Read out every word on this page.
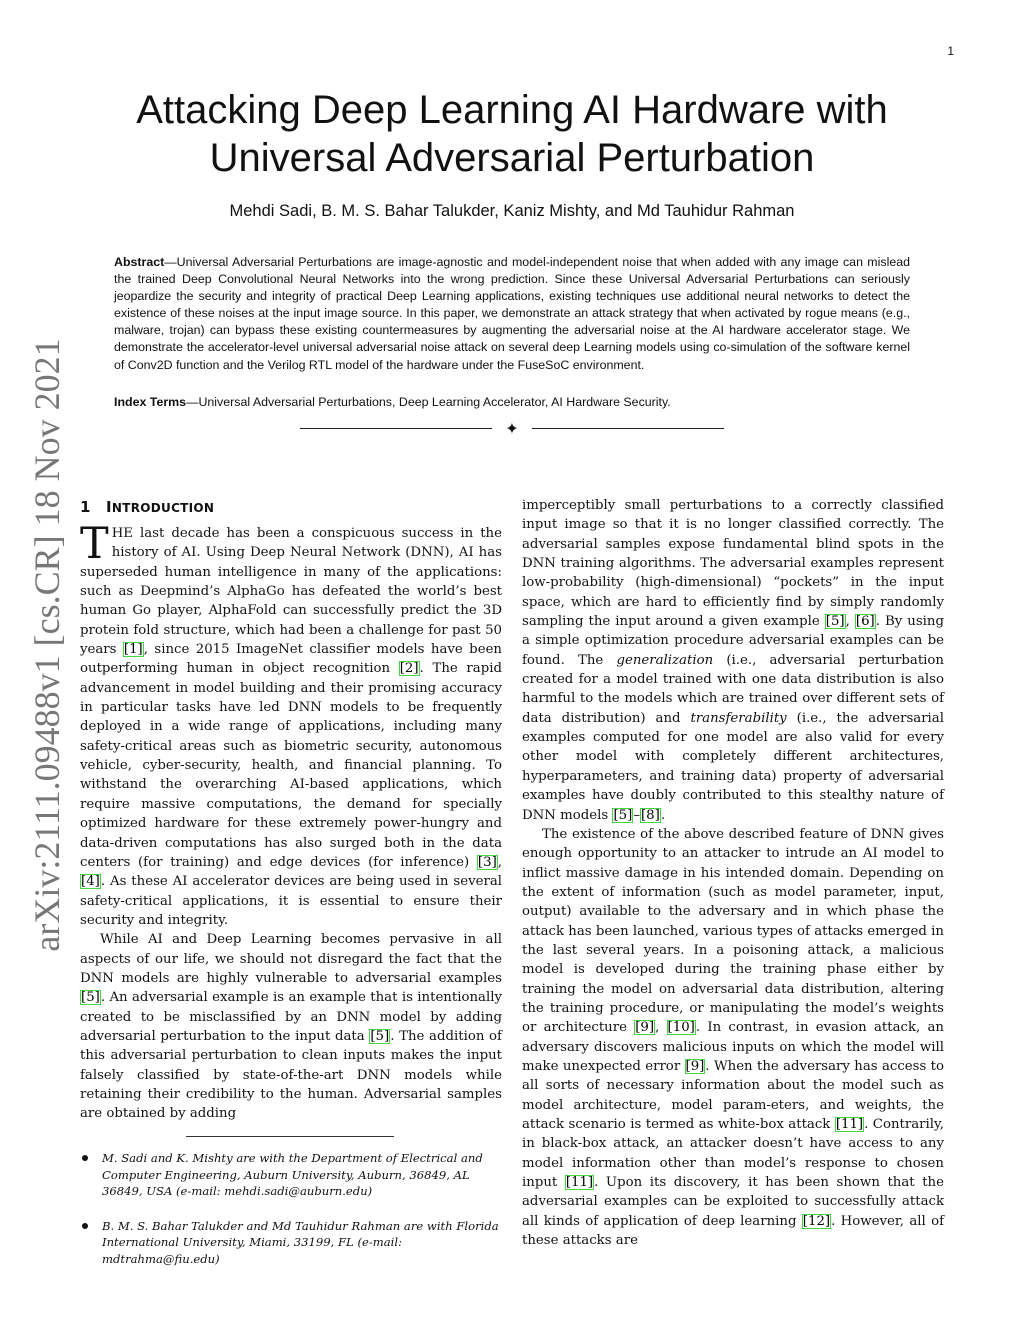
1
arXiv:2111.09488v1 [cs.CR] 18 Nov 2021
Attacking Deep Learning AI Hardware with
Universal Adversarial Perturbation
Mehdi Sadi, B. M. S. Bahar Talukder, Kaniz Mishty, and Md Tauhidur Rahman

Abstract—Universal Adversarial Perturbations are image-agnostic and model-independent noise that when added with any image can mislead the trained Deep Convolutional Neural Networks into the wrong prediction. Since these Universal Adversarial Perturbations can seriously jeopardize the security and integrity of practical Deep Learning applications, existing techniques use additional neural networks to detect the existence of these noises at the input image source. In this paper, we demonstrate an attack strategy that when activated by rogue means (e.g., malware, trojan) can bypass these existing countermeasures by augmenting the adversarial noise at the AI hardware accelerator stage. We demonstrate the accelerator-level universal adversarial noise attack on several deep Learning models using co-simulation of the software kernel of Conv2D function and the Verilog RTL model of the hardware under the FuseSoC environment.

Index Terms—Universal Adversarial Perturbations, Deep Learning Accelerator, AI Hardware Security.

✦
1 INTRODUCTION

THE last decade has been a conspicuous success in the history of AI. Using Deep Neural Network (DNN), AI has superseded human intelligence in many of the applications: such as Deepmind’s AlphaGo has defeated the world’s best human Go player, AlphaFold can successfully predict the 3D protein fold structure, which had been a challenge for past 50 years [1], since 2015 ImageNet classifier models have been outperforming human in object recognition [2]. The rapid advancement in model building and their promising accuracy in particular tasks have led DNN models to be frequently deployed in a wide range of applications, including many safety-critical areas such as biometric security, autonomous vehicle, cyber-security, health, and financial planning. To withstand the overarching AI-based applications, which require massive computations, the demand for specially optimized hardware for these extremely power-hungry and data-driven computations has also surged both in the data centers (for training) and edge devices (for inference) [3], [4]. As these AI accelerator devices are being used in several safety-critical applications, it is essential to ensure their security and integrity.

While AI and Deep Learning becomes pervasive in all aspects of our life, we should not disregard the fact that the DNN models are highly vulnerable to adversarial examples [5]. An adversarial example is an example that is intentionally created to be misclassified by an DNN model by adding adversarial perturbation to the input data [5]. The addition of this adversarial perturbation to clean inputs makes the input falsely classified by state-of-the-art DNN models while retaining their credibility to the human. Adversarial samples are obtained by adding

imperceptibly small perturbations to a correctly classified input image so that it is no longer classified correctly. The adversarial samples expose fundamental blind spots in the DNN training algorithms. The adversarial examples represent low-probability (high-dimensional) “pockets” in the input space, which are hard to efficiently find by simply randomly sampling the input around a given example [5], [6]. By using a simple optimization procedure adversarial examples can be found. The generalization (i.e., adversarial perturbation created for a model trained with one data distribution is also harmful to the models which are trained over different sets of data distribution) and transferability (i.e., the adversarial examples computed for one model are also valid for every other model with completely different architectures, hyperparameters, and training data) property of adversarial examples have doubly contributed to this stealthy nature of DNN models [5]–[8].

The existence of the above described feature of DNN gives enough opportunity to an attacker to intrude an AI model to inflict massive damage in his intended domain. Depending on the extent of information (such as model parameter, input, output) available to the adversary and in which phase the attack has been launched, various types of attacks emerged in the last several years. In a poisoning attack, a malicious model is developed during the training phase either by training the model on adversarial data distribution, altering the training procedure, or manipulating the model’s weights or architecture [9], [10]. In contrast, in evasion attack, an adversary discovers malicious inputs on which the model will make unexpected error [9]. When the adversary has access to all sorts of necessary information about the model such as model architecture, model param-eters, and weights, the attack scenario is termed as white-box attack [11]. Contrarily, in black-box attack, an attacker doesn’t have access to any model information other than model’s response to chosen input [11]. Upon its discovery, it has been shown that the adversarial examples can be exploited to successfully attack all kinds of application of deep learning [12]. However, all of these attacks are

M. Sadi and K. Mishty are with the Department of Electrical and Computer Engineering, Auburn University, Auburn, 36849, AL 36849, USA (e-mail: mehdi.sadi@auburn.edu)

B. M. S. Bahar Talukder and Md Tauhidur Rahman are with Florida International University, Miami, 33199, FL (e-mail: mdtrahma@fiu.edu)
